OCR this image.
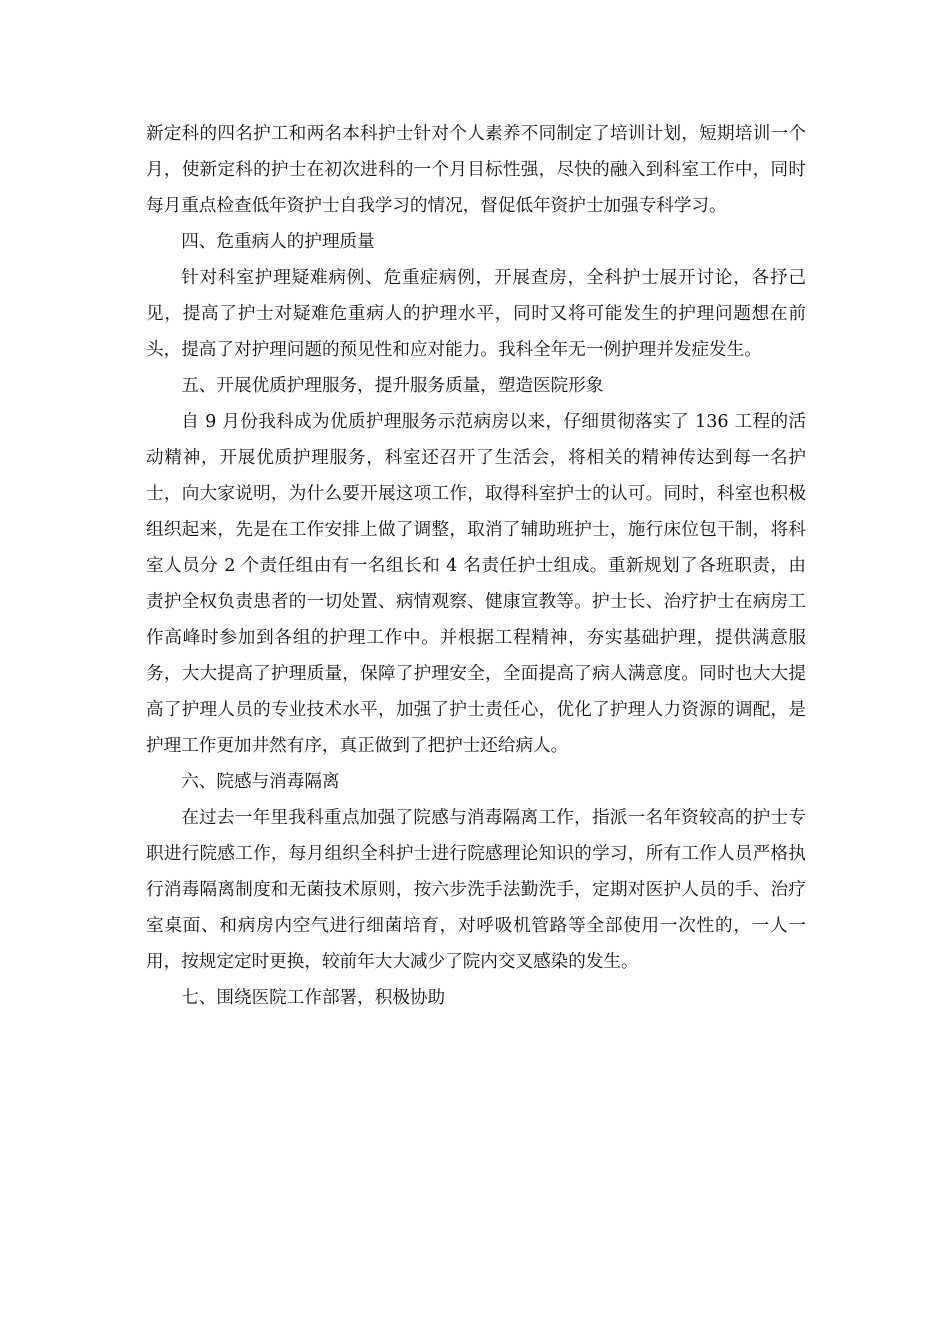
新定科的四名护工和两名本科护士针对个人素养不同制定了培训计划，短期培训一个月，使新定科的护士在初次进科的一个月目标性强，尽快的融入到科室工作中，同时每月重点检查低年资护士自我学习的情况，督促低年资护士加强专科学习。

四、危重病人的护理质量

针对科室护理疑难病例、危重症病例，开展查房，全科护士展开讨论，各抒己见，提高了护士对疑难危重病人的护理水平，同时又将可能发生的护理问题想在前头，提高了对护理问题的预见性和应对能力。我科全年无一例护理并发症发生。

五、开展优质护理服务，提升服务质量，塑造医院形象

自 9 月份我科成为优质护理服务示范病房以来，仔细贯彻落实了 136 工程的活动精神，开展优质护理服务，科室还召开了生活会，将相关的精神传达到每一名护士，向大家说明，为什么要开展这项工作，取得科室护士的认可。同时，科室也积极组织起来，先是在工作安排上做了调整，取消了辅助班护士，施行床位包干制，将科室人员分 2 个责任组由有一名组长和 4 名责任护士组成。重新规划了各班职责，由责护全权负责患者的一切处置、病情观察、健康宣教等。护士长、治疗护士在病房工作高峰时参加到各组的护理工作中。并根据工程精神，夯实基础护理，提供满意服务，大大提高了护理质量，保障了护理安全，全面提高了病人满意度。同时也大大提高了护理人员的专业技术水平，加强了护士责任心，优化了护理人力资源的调配，是护理工作更加井然有序，真正做到了把护士还给病人。

六、院感与消毒隔离

在过去一年里我科重点加强了院感与消毒隔离工作，指派一名年资较高的护士专职进行院感工作，每月组织全科护士进行院感理论知识的学习，所有工作人员严格执行消毒隔离制度和无菌技术原则，按六步洗手法勤洗手，定期对医护人员的手、治疗室桌面、和病房内空气进行细菌培育，对呼吸机管路等全部使用一次性的，一人一用，按规定定时更换，较前年大大减少了院内交叉感染的发生。

七、围绕医院工作部署，积极协助
